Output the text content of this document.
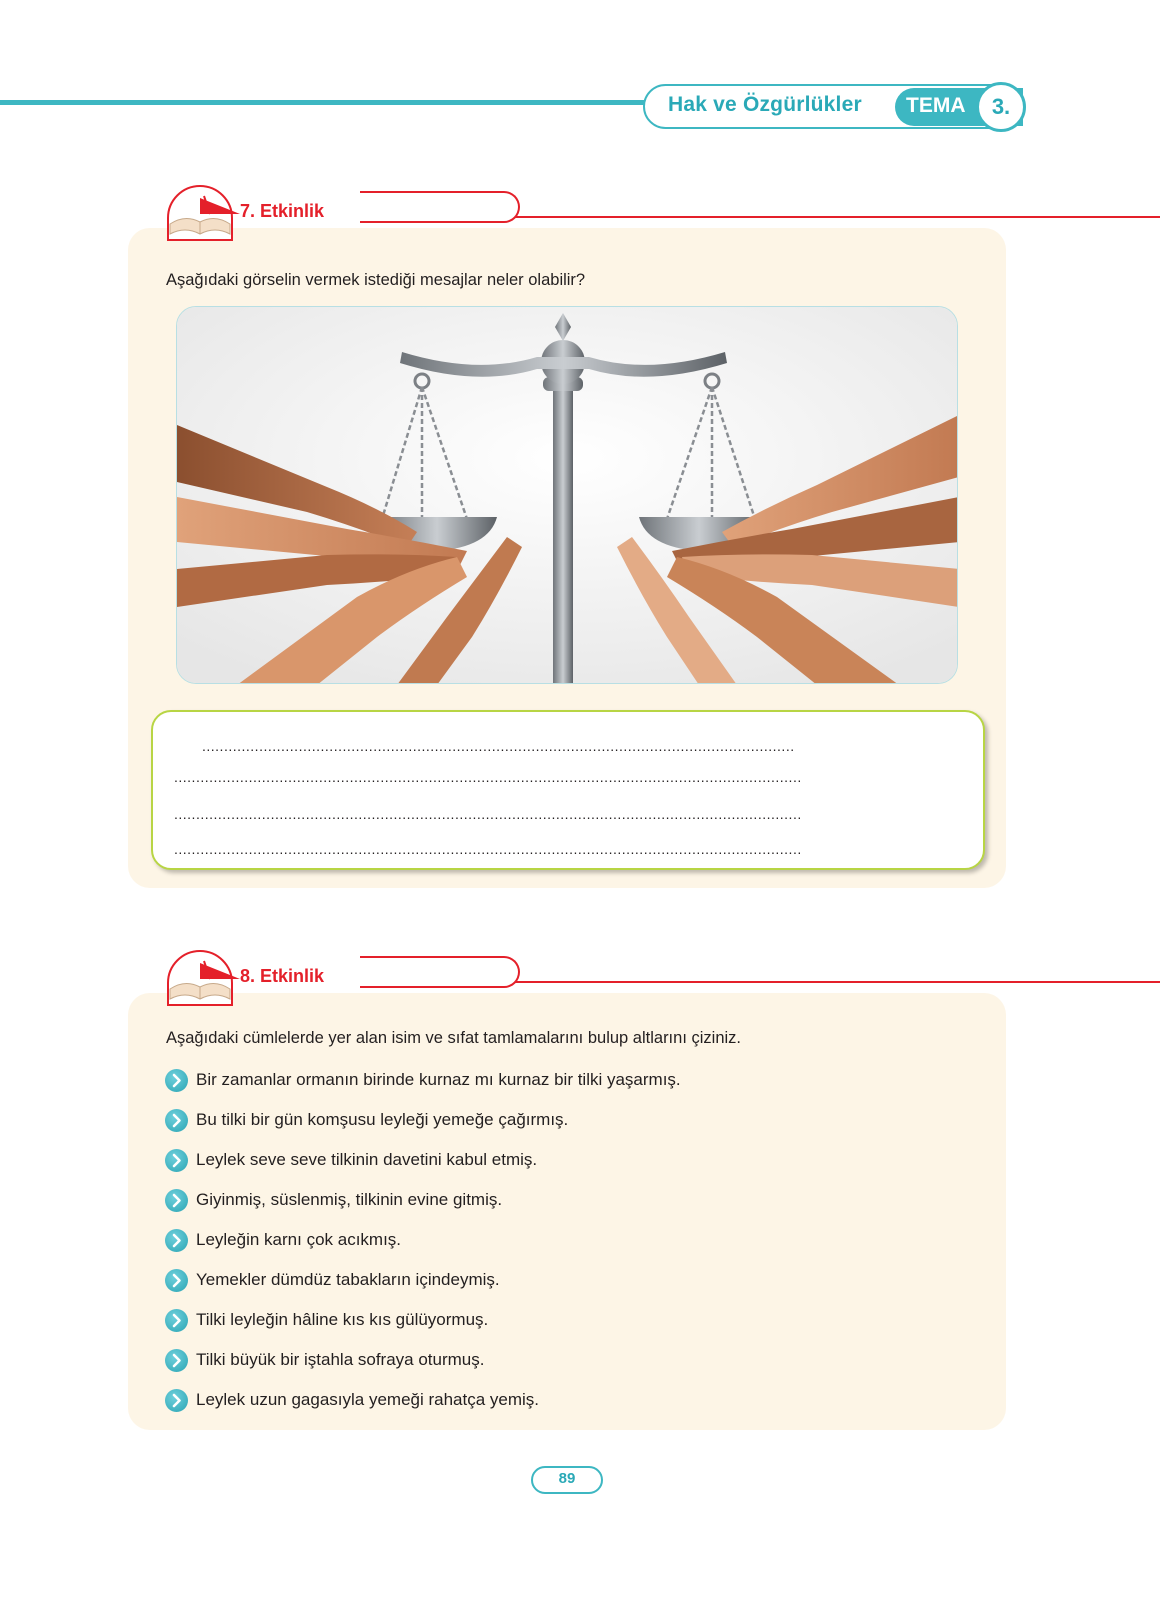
Hak ve Özgürlükler TEMA	3.
7. Etkinlik
Aşağıdaki görselin vermek istediği mesajlar neler olabilir?
.......................................................................................................................................
...............................................................................................................................................
...............................................................................................................................................
...............................................................................................................................................
8. Etkinlik
Aşağıdaki cümlelerde yer alan isim ve sıfat tamlamalarını bulup altlarını çiziniz.
Bir zamanlar ormanın birinde kurnaz mı kurnaz bir tilki yaşarmış.
Bu tilki bir gün komşusu leyleği yemeğe çağırmış.
Leylek seve seve tilkinin davetini kabul etmiş.
Giyinmiş, süslenmiş, tilkinin evine gitmiş.
Leyleğin karnı çok acıkmış.
Yemekler dümdüz tabakların içindeymiş.
Tilki leyleğin hâline kıs kıs gülüyormuş.
Tilki büyük bir iştahla sofraya oturmuş.
Leylek uzun gagasıyla yemeği rahatça yemiş.
89
